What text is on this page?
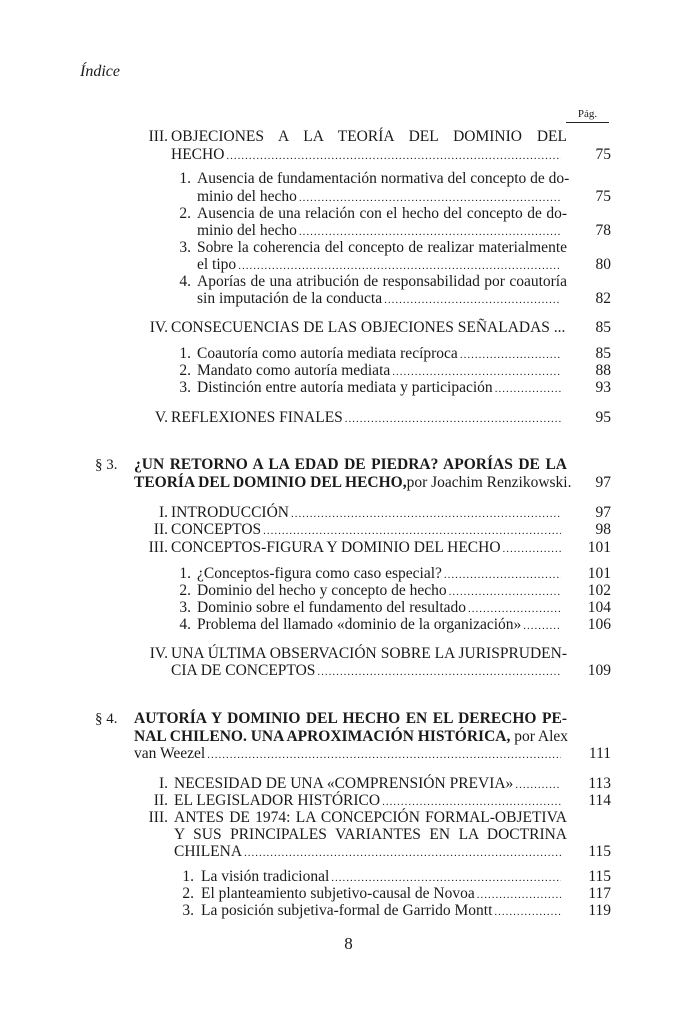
Índice
Pág.
III. OBJECIONES A LA TEORÍA DEL DOMINIO DEL
HECHO .....	75
1. Ausencia de fundamentación normativa del concepto de do-
minio del hecho .....	75
2. Ausencia de una relación con el hecho del concepto de do-
minio del hecho .....	78
3. Sobre la coherencia del concepto de realizar materialmente
el tipo .....	80
4. Aporías de una atribución de responsabilidad por coautoría
sin imputación de la conducta .....	82
IV. CONSECUENCIAS DE LAS OBJECIONES SEÑALADAS ...	85
1. Coautoría como autoría mediata recíproca .....	85
2. Mandato como autoría mediata .....	88
3. Distinción entre autoría mediata y participación .....	93
V. REFLEXIONES FINALES .....	95
§ 3. ¿UN RETORNO A LA EDAD DE PIEDRA? APORÍAS DE LA
TEORÍA DEL DOMINIO DEL HECHO, por Joachim Renzikowski.	97
I. INTRODUCCIÓN .....	97
II. CONCEPTOS .....	98
III. CONCEPTOS-FIGURA Y DOMINIO DEL HECHO .....	101
1. ¿Conceptos-figura como caso especial? .....	101
2. Dominio del hecho y concepto de hecho .....	102
3. Dominio sobre el fundamento del resultado .....	104
4. Problema del llamado «dominio de la organización» .....	106
IV. UNA ÚLTIMA OBSERVACIÓN SOBRE LA JURISPRUDEN-
CIA DE CONCEPTOS .....	109
§ 4. AUTORÍA Y DOMINIO DEL HECHO EN EL DERECHO PE-
NAL CHILENO. UNA APROXIMACIÓN HISTÓRICA, por Alex
van Weezel .....	111
I. NECESIDAD DE UNA «COMPRENSIÓN PREVIA» .....	113
II. EL LEGISLADOR HISTÓRICO .....	114
III. ANTES DE 1974: LA CONCEPCIÓN FORMAL-OBJETIVA
Y SUS PRINCIPALES VARIANTES EN LA DOCTRINA
CHILENA .....	115
1. La visión tradicional .....	115
2. El planteamiento subjetivo-causal de Novoa .....	117
3. La posición subjetiva-formal de Garrido Montt .....	119
8
